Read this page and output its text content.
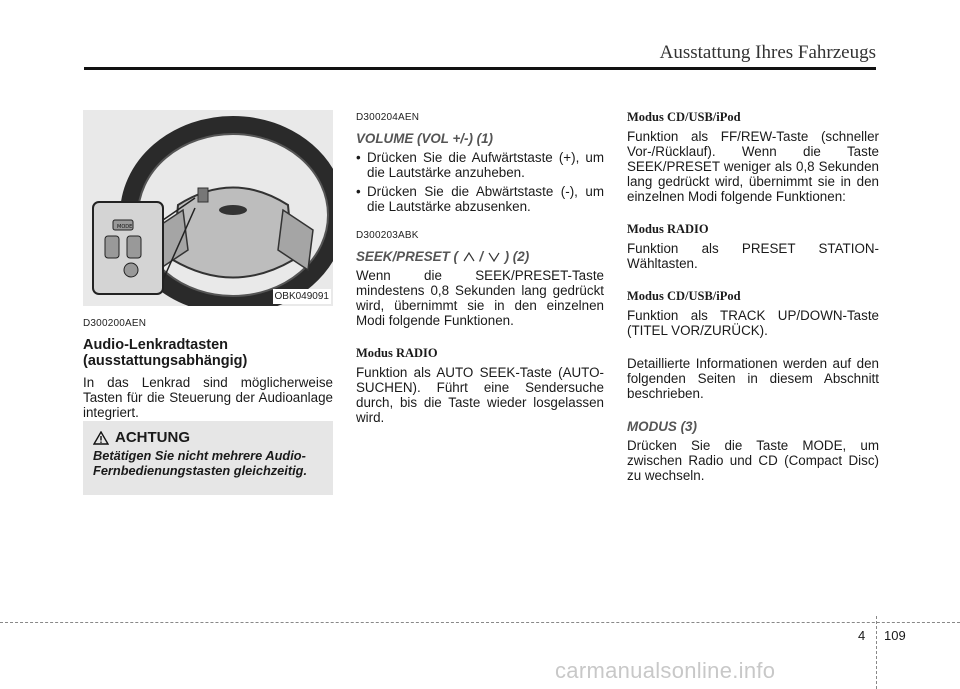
Ausstattung Ihres Fahrzeugs
MODE
OBK049091
D300200AEN
Audio-Lenkradtasten
(ausstattungsabhängig)

In das Lenkrad sind möglicherweise Tasten für die Steuerung der Audioanlage integriert.

ACHTUNG
Betätigen Sie nicht mehrere Audio-Fernbedienungstasten gleichzeitig.
D300204AEN
VOLUME (VOL +/-) (1)
• Drücken Sie die Aufwärtstaste (+), um die Lautstärke anzuheben.
• Drücken Sie die Abwärtstaste (-), um die Lautstärke abzusenken.
D300203ABK
SEEK/PRESET ( / ) (2)

Wenn die SEEK/PRESET-Taste mindestens 0,8 Sekunden lang gedrückt wird, übernimmt sie in den einzelnen Modi folgende Funktionen.

Modus RADIO

Funktion als AUTO SEEK-Taste (AUTO-SUCHEN). Führt eine Sendersuche durch, bis die Taste wieder losgelassen wird.

Modus CD/USB/iPod

Funktion als FF/REW-Taste (schneller Vor-/Rücklauf). Wenn die Taste SEEK/PRESET weniger als 0,8 Sekunden lang gedrückt wird, übernimmt sie in den einzelnen Modi folgende Funktionen:

Modus RADIO

Funktion als PRESET STATION-Wähltasten.

Modus CD/USB/iPod

Funktion als TRACK UP/DOWN-Taste (TITEL VOR/ZURÜCK).

Detaillierte Informationen werden auf den folgenden Seiten in diesem Abschnitt beschrieben.

MODUS (3)

Drücken Sie die Taste MODE, um zwischen Radio und CD (Compact Disc) zu wechseln.

4 109
carmanualsonline.info
